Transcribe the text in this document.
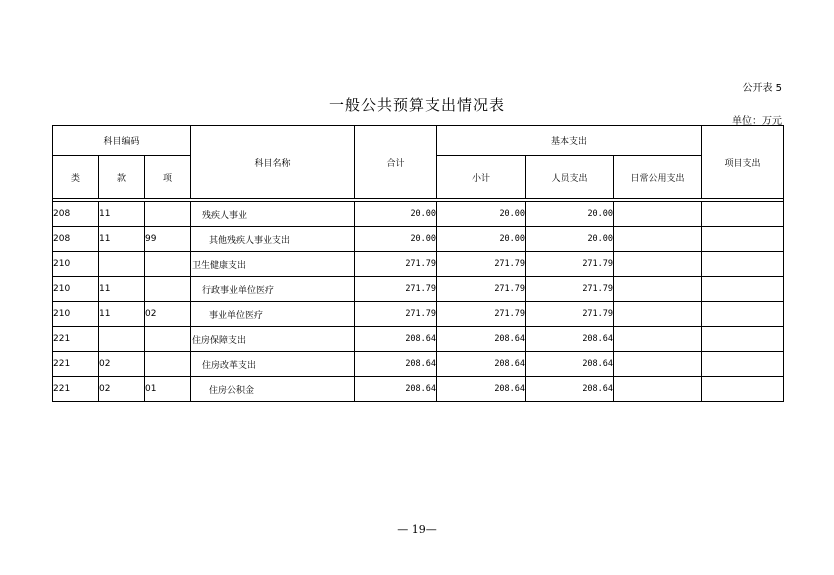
公开表 5
一般公共预算支出情况表
单位：万元
科目编码			科目名称	合计	基本支出			项目支出
类	款	项			小计	人员支出	日常公用支出	

208	11		残疾人事业	20.00	20.00	20.00		
208	11	99	其他残疾人事业支出	20.00	20.00	20.00		
210			卫生健康支出	271.79	271.79	271.79		
210	11		行政事业单位医疗	271.79	271.79	271.79		
210	11	02	事业单位医疗	271.79	271.79	271.79		
221			住房保障支出	208.64	208.64	208.64		
221	02		住房改革支出	208.64	208.64	208.64		
221	02	01	住房公积金	208.64	208.64	208.64		
— 19—
